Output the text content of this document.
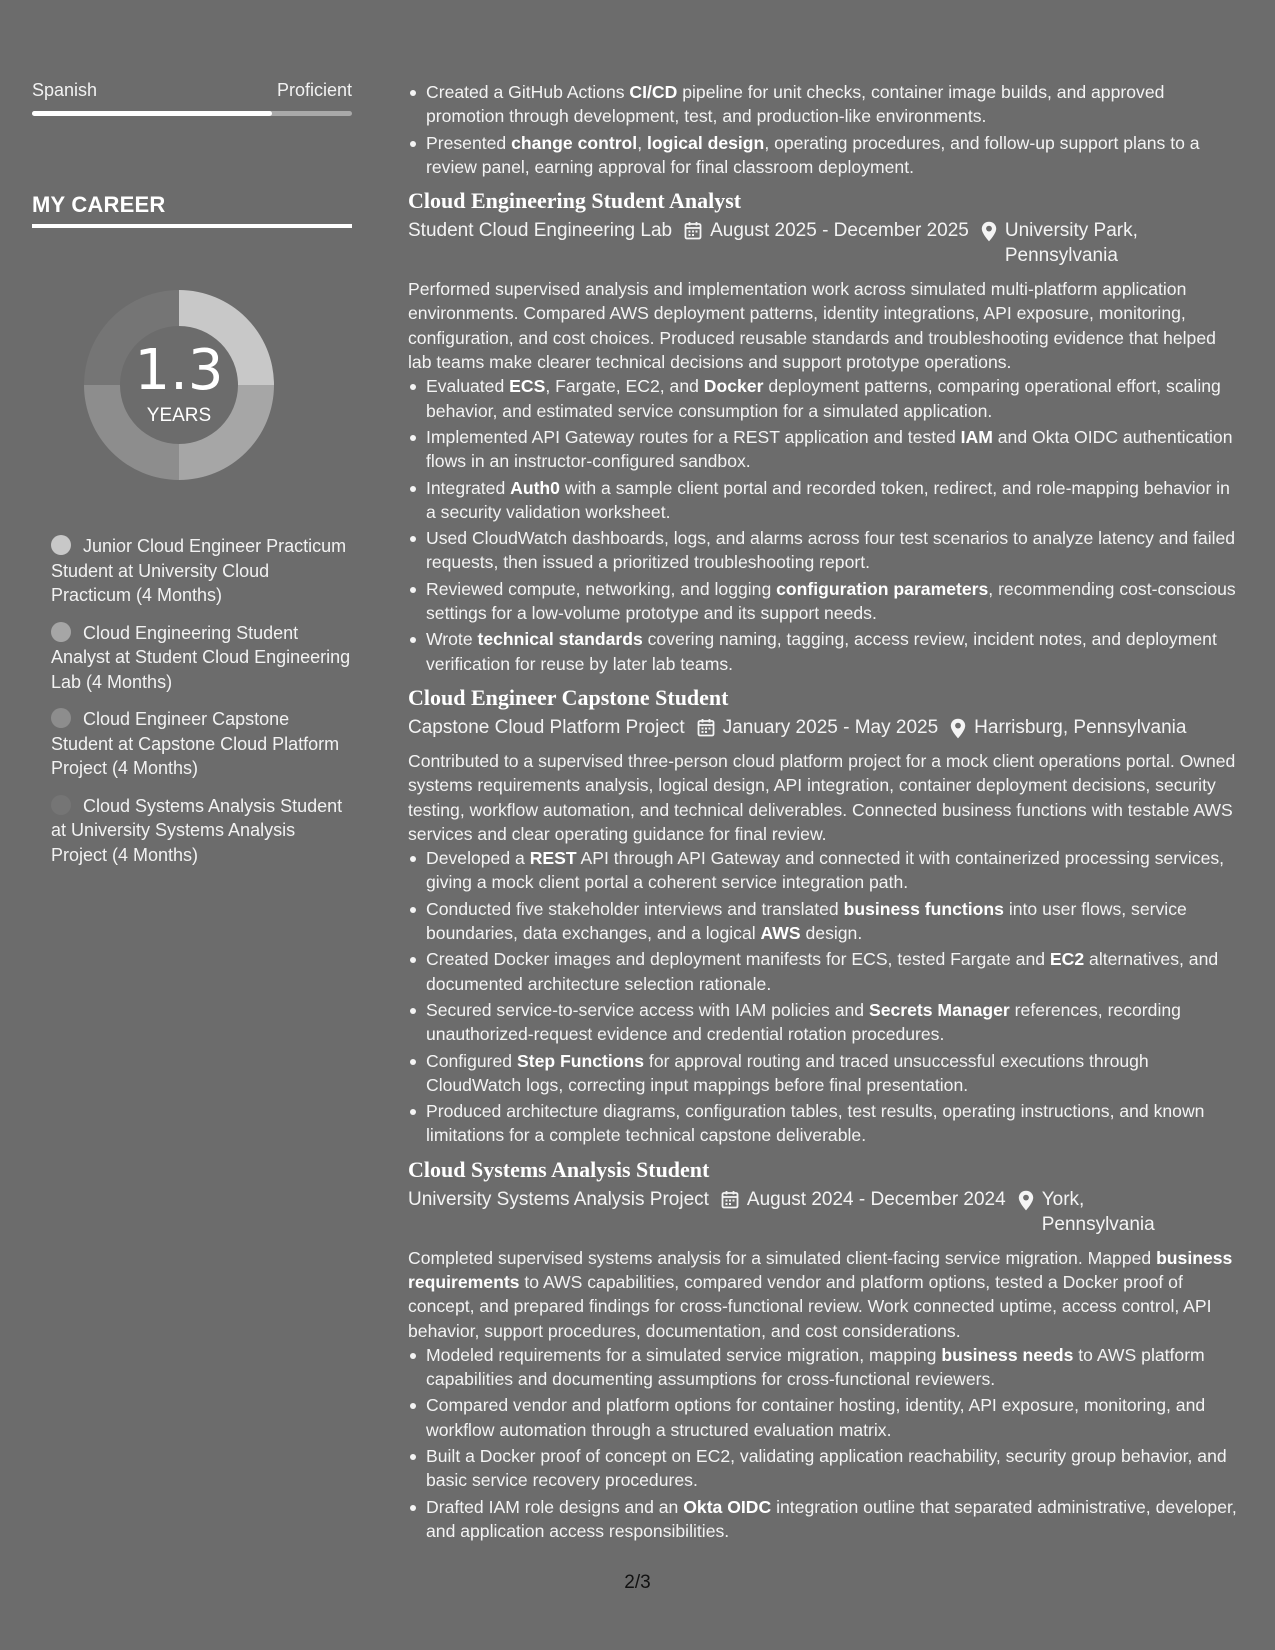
Spanish	Proficient
MY CAREER
1.3
YEARS
Junior Cloud Engineer Practicum Student at University Cloud Practicum (4 Months)
Cloud Engineering Student Analyst at Student Cloud Engineering Lab (4 Months)
Cloud Engineer Capstone Student at Capstone Cloud Platform Project (4 Months)
Cloud Systems Analysis Student at University Systems Analysis Project (4 Months)
Created a GitHub Actions CI/CD pipeline for unit checks, container image builds, and approved promotion through development, test, and production-like environments.
Presented change control, logical design, operating procedures, and follow-up support plans to a review panel, earning approval for final classroom deployment.
Cloud Engineering Student Analyst
Student Cloud Engineering Lab August 2025 - December 2025 University Park, Pennsylvania
Performed supervised analysis and implementation work across simulated multi-platform application environments. Compared AWS deployment patterns, identity integrations, API exposure, monitoring, configuration, and cost choices. Produced reusable standards and troubleshooting evidence that helped lab teams make clearer technical decisions and support prototype operations.
Evaluated ECS, Fargate, EC2, and Docker deployment patterns, comparing operational effort, scaling behavior, and estimated service consumption for a simulated application.
Implemented API Gateway routes for a REST application and tested IAM and Okta OIDC authentication flows in an instructor-configured sandbox.
Integrated Auth0 with a sample client portal and recorded token, redirect, and role-mapping behavior in a security validation worksheet.
Used CloudWatch dashboards, logs, and alarms across four test scenarios to analyze latency and failed requests, then issued a prioritized troubleshooting report.
Reviewed compute, networking, and logging configuration parameters, recommending cost-conscious settings for a low-volume prototype and its support needs.
Wrote technical standards covering naming, tagging, access review, incident notes, and deployment verification for reuse by later lab teams.
Cloud Engineer Capstone Student
Capstone Cloud Platform Project January 2025 - May 2025 Harrisburg, Pennsylvania
Contributed to a supervised three-person cloud platform project for a mock client operations portal. Owned systems requirements analysis, logical design, API integration, container deployment decisions, security testing, workflow automation, and technical deliverables. Connected business functions with testable AWS services and clear operating guidance for final review.
Developed a REST API through API Gateway and connected it with containerized processing services, giving a mock client portal a coherent service integration path.
Conducted five stakeholder interviews and translated business functions into user flows, service boundaries, data exchanges, and a logical AWS design.
Created Docker images and deployment manifests for ECS, tested Fargate and EC2 alternatives, and documented architecture selection rationale.
Secured service-to-service access with IAM policies and Secrets Manager references, recording unauthorized-request evidence and credential rotation procedures.
Configured Step Functions for approval routing and traced unsuccessful executions through CloudWatch logs, correcting input mappings before final presentation.
Produced architecture diagrams, configuration tables, test results, operating instructions, and known limitations for a complete technical capstone deliverable.
Cloud Systems Analysis Student
University Systems Analysis Project August 2024 - December 2024 York, Pennsylvania
Completed supervised systems analysis for a simulated client-facing service migration. Mapped business requirements to AWS capabilities, compared vendor and platform options, tested a Docker proof of concept, and prepared findings for cross-functional review. Work connected uptime, access control, API behavior, support procedures, documentation, and cost considerations.
Modeled requirements for a simulated service migration, mapping business needs to AWS platform capabilities and documenting assumptions for cross-functional reviewers.
Compared vendor and platform options for container hosting, identity, API exposure, monitoring, and workflow automation through a structured evaluation matrix.
Built a Docker proof of concept on EC2, validating application reachability, security group behavior, and basic service recovery procedures.
Drafted IAM role designs and an Okta OIDC integration outline that separated administrative, developer, and application access responsibilities.
2/3
